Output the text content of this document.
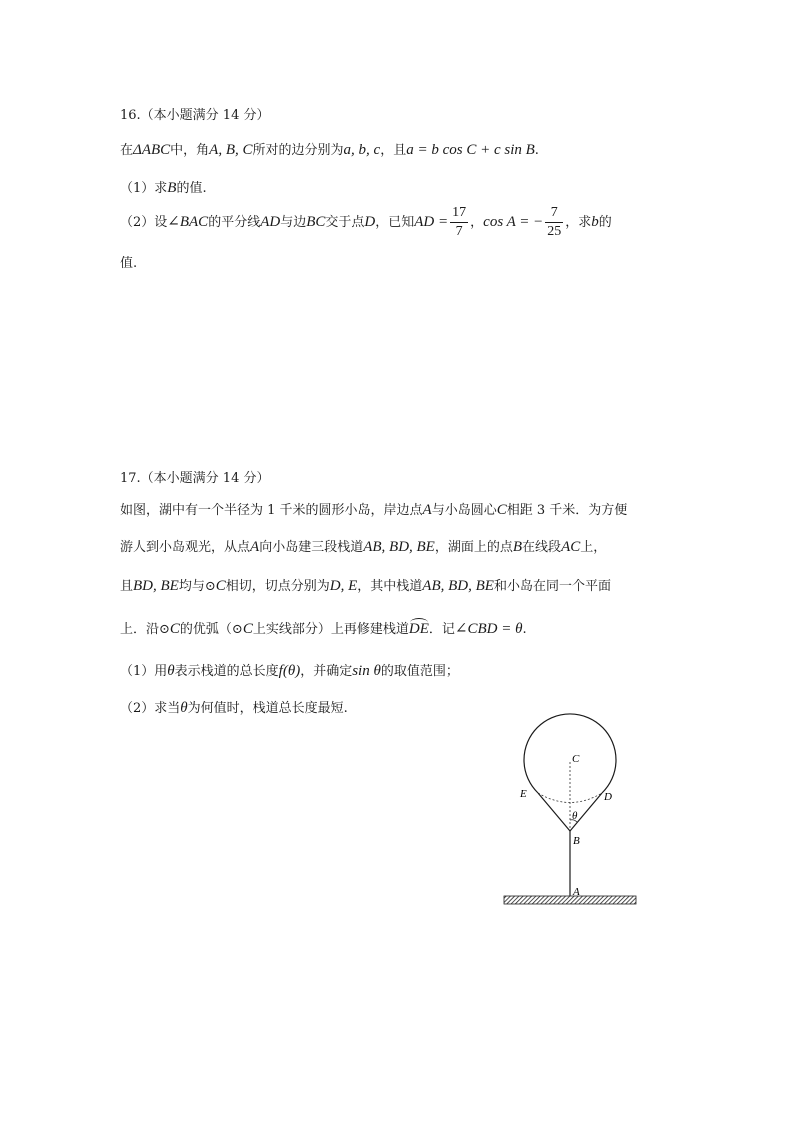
16.（本小题满分 14 分）
在ΔABC中，角A, B, C所对的边分别为a, b, c，且a = b cos C + c sin B.
（1）求B的值.
（2）设∠BAC的平分线AD与边BC交于点D，已知AD = $\frac{17}{7}$ ，cos A = − $\frac{7}{25}$ ，求b的
值.
17.（本小题满分 14 分）
如图，湖中有一个半径为 1 千米的圆形小岛，岸边点A与小岛圆心C相距 3 千米．为方便
游人到小岛观光，从点A向小岛建三段栈道AB, BD, BE，湖面上的点B在线段AC上，
且BD, BE均与⊙C相切，切点分别为D, E，其中栈道AB, BD, BE和小岛在同一个平面
上．沿⊙C的优弧（⊙C上实线部分）上再修建栈道DE．记∠CBD = θ.
（1）用θ表示栈道的总长度f(θ)，并确定sin θ的取值范围；
（2）求当θ为何值时，栈道总长度最短.
C
E	D
θ
B
A
